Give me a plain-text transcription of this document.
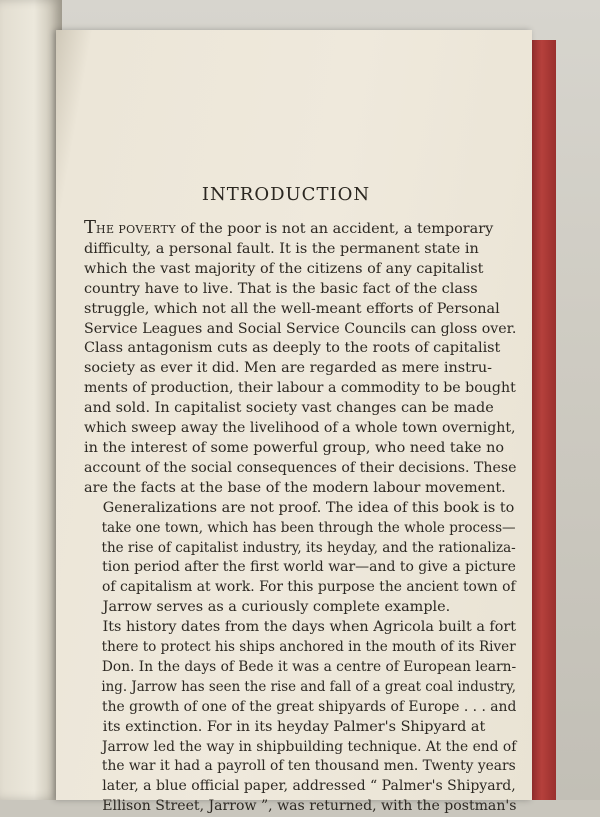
INTRODUCTION

THE POVERTY of the poor is not an accident, a temporary
difficulty, a personal fault. It is the permanent state in
which the vast majority of the citizens of any capitalist
country have to live. That is the basic fact of the class
struggle, which not all the well-meant efforts of Personal
Service Leagues and Social Service Councils can gloss over.
Class antagonism cuts as deeply to the roots of capitalist
society as ever it did. Men are regarded as mere instru-
ments of production, their labour a commodity to be bought
and sold. In capitalist society vast changes can be made
which sweep away the livelihood of a whole town overnight,
in the interest of some powerful group, who need take no
account of the social consequences of their decisions. These
are the facts at the base of the modern labour movement.

Generalizations are not proof. The idea of this book is to
take one town, which has been through the whole process—
the rise of capitalist industry, its heyday, and the rationaliza-
tion period after the first world war—and to give a picture
of capitalism at work. For this purpose the ancient town of
Jarrow serves as a curiously complete example.

Its history dates from the days when Agricola built a fort
there to protect his ships anchored in the mouth of its River
Don. In the days of Bede it was a centre of European learn-
ing. Jarrow has seen the rise and fall of a great coal industry,
the growth of one of the great shipyards of Europe . . . and
its extinction. For in its heyday Palmer's Shipyard at
Jarrow led the way in shipbuilding technique. At the end of
the war it had a payroll of ten thousand men. Twenty years
later, a blue official paper, addressed “ Palmer's Shipyard,
Ellison Street, Jarrow ”, was returned, with the postman's
